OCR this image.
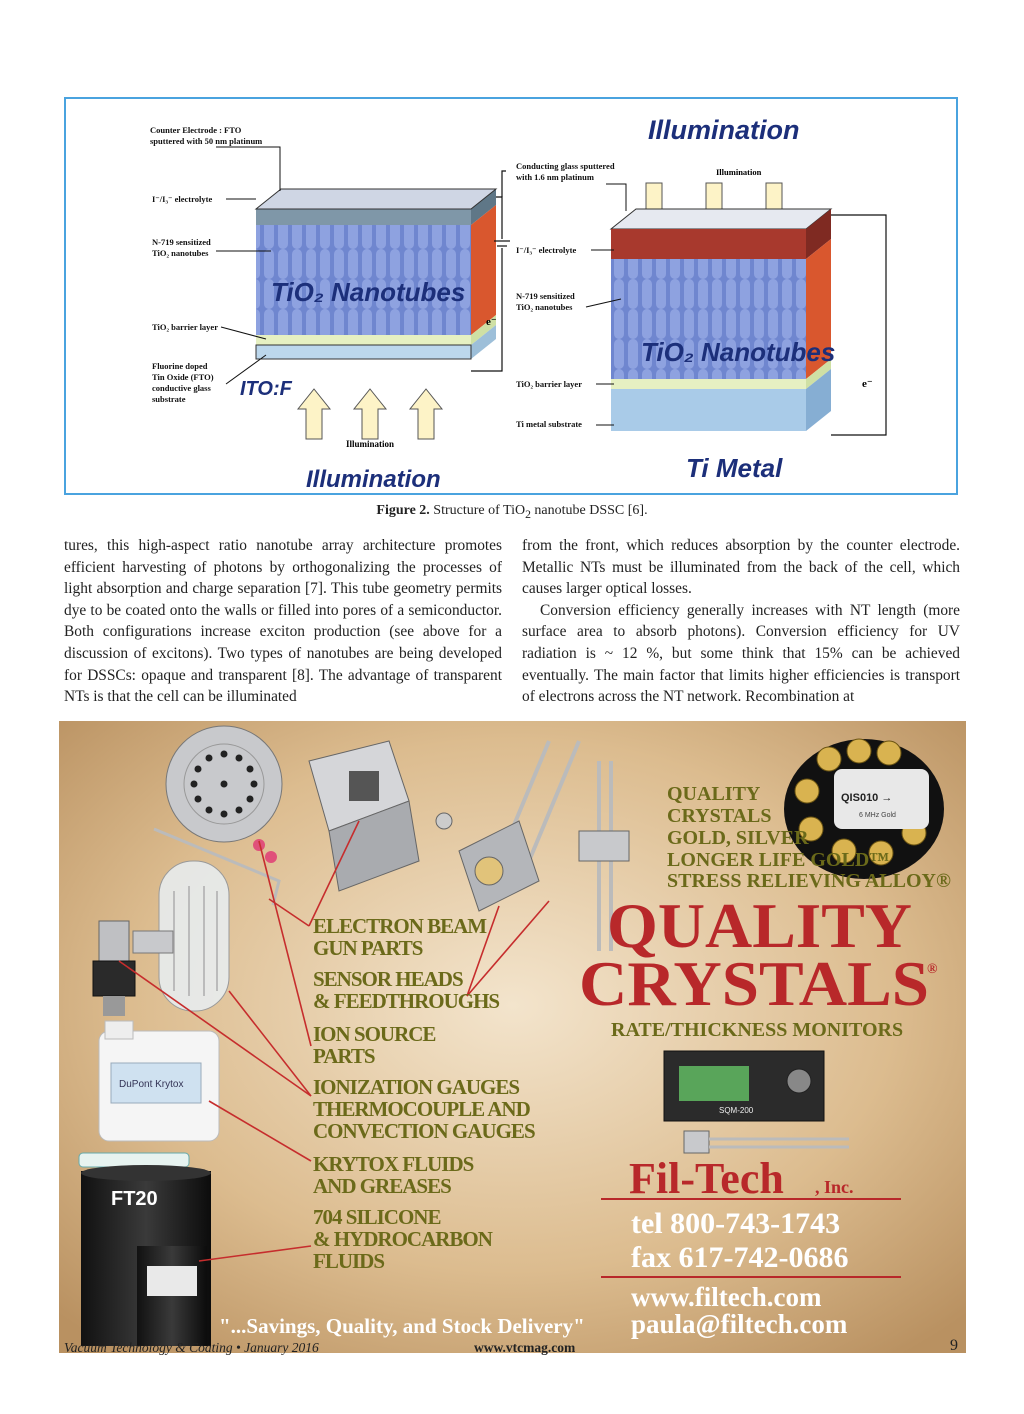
TiO₂ Nanotubes
Illumination
Illumination
ITO:F
Counter Electrode : FTO
sputtered with 50 nm platinum
I⁻/I₃⁻ electrolyte
N-719 sensitized
TiO₂ nanotubes
TiO₂ barrier layer
Fluorine doped
Tin Oxide (FTO)
conductive glass
substrate
e⁻
Illumination
Illumination
TiO₂ Nanotubes
Ti Metal
Conducting glass sputtered
with 1.6 nm platinum
I⁻/I₃⁻ electrolyte
N-719 sensitized
TiO₂ nanotubes
TiO₂ barrier layer
Ti metal substrate
e⁻
Figure 2. Structure of TiO$_2$ nanotube DSSC [6].

tures, this high-aspect ratio nanotube array architecture promotes efficient harvesting of photons by orthogonalizing the processes of light absorption and charge separation [7]. This tube geometry permits dye to be coated onto the walls or filled into pores of a semiconductor. Both configurations increase exciton production (see above for a discussion of excitons). Two types of nanotubes are being developed for DSSCs: opaque and transparent [8]. The advantage of transparent NTs is that the cell can be illuminated

from the front, which reduces absorption by the counter electrode. Metallic NTs must be illuminated from the back of the cell, which causes larger optical losses.

Conversion efficiency generally increases with NT length (more surface area to absorb photons). Conversion efficiency for UV radiation is ~ 12 %, but some think that 15% can be achieved eventually. The main factor that limits higher efficiencies is transport of electrons across the NT network. Recombination at

DuPont Krytox
FT20
QIS010 →
6 MHz Gold
SQM-200
ELECTRON BEAM
GUN PARTS
SENSOR HEADS
& FEEDTHROUGHS
ION SOURCE
PARTS
IONIZATION GAUGES
THERMOCOUPLE AND
CONVECTION GAUGES
KRYTOX FLUIDS
AND GREASES
704 SILICONE
& HYDROCARBON
FLUIDS
QUALITY
CRYSTALS
GOLD, SILVER
LONGER LIFE GOLD™
STRESS RELIEVING ALLOY®
QUALITY
CRYSTALS
®
RATE/THICKNESS MONITORS
Fil-Tech , Inc.
tel 800-743-1743
fax 617-742-0686
www.filtech.com
paula@filtech.com
"...Savings, Quality, and Stock Delivery"
Vacuum Technology & Coating • January 2016	www.vtcmag.com	9
